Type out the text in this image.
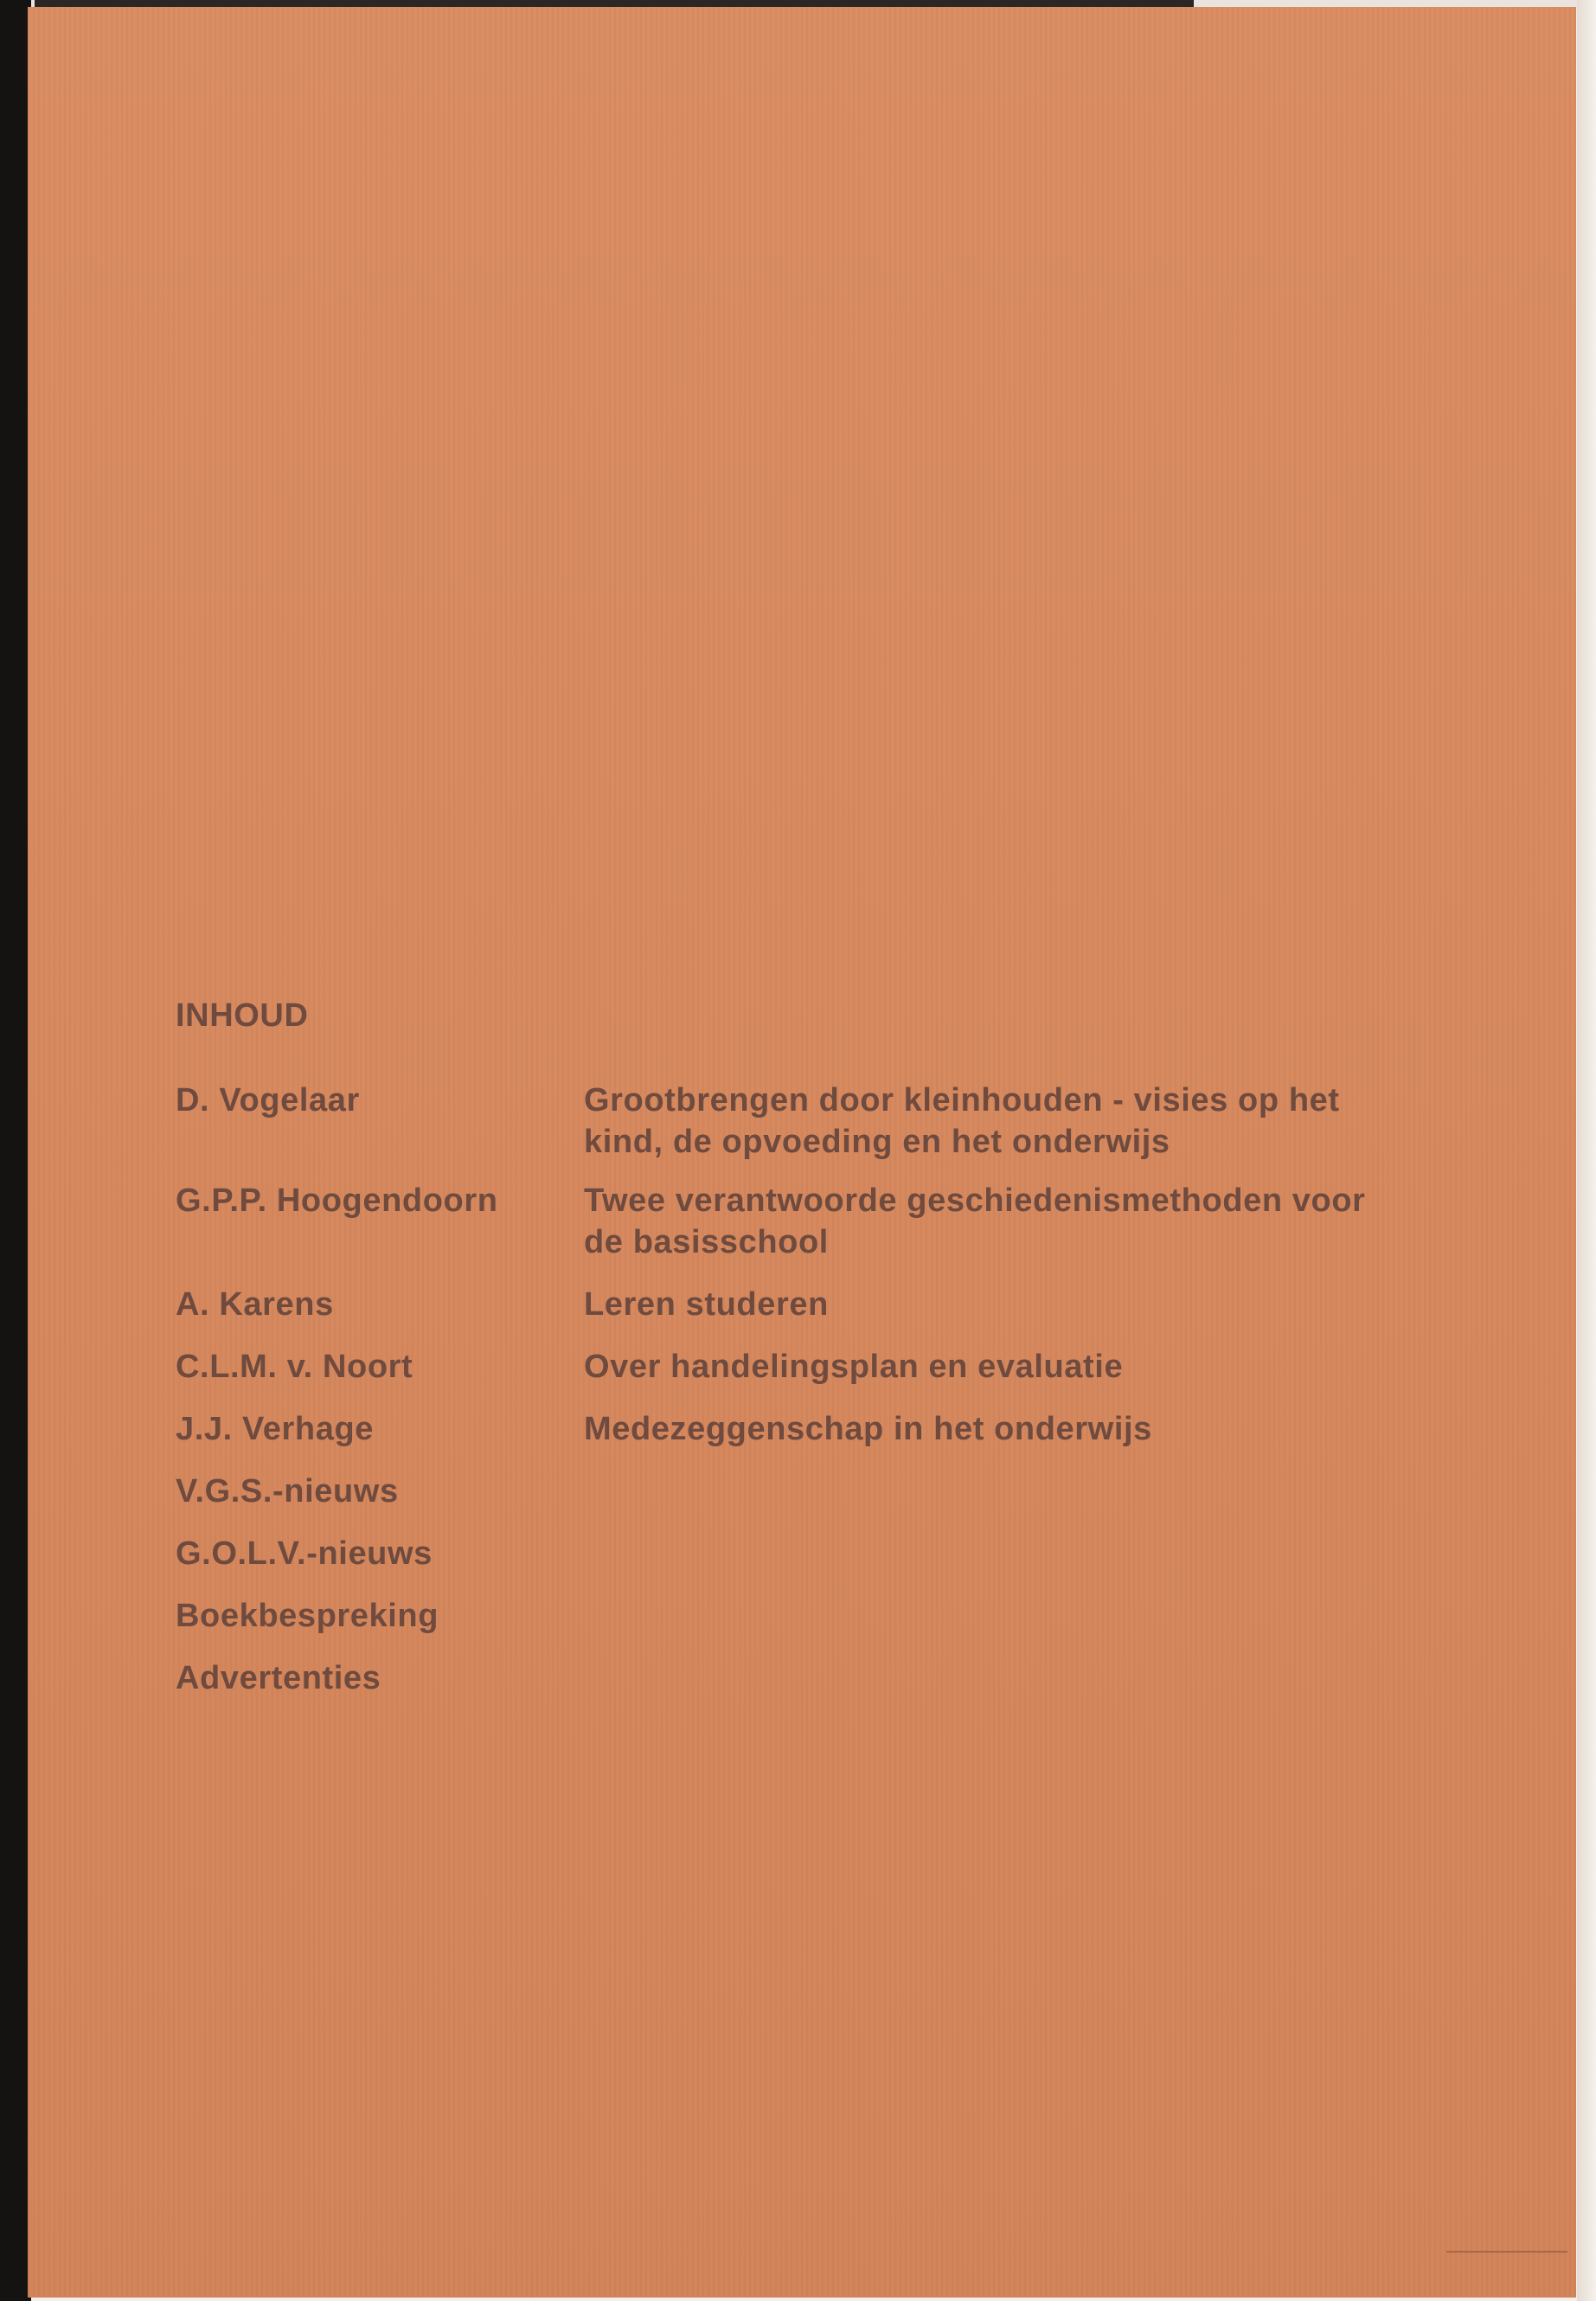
INHOUD
D. Vogelaar	Grootbrengen door kleinhouden - visies op het
kind, de opvoeding en het onderwijs
G.P.P. Hoogendoorn	Twee verantwoorde geschiedenismethoden voor
de basisschool
A. Karens	Leren studeren
C.L.M. v. Noort	Over handelingsplan en evaluatie
J.J. Verhage	Medezeggenschap in het onderwijs
V.G.S.-nieuws
G.O.L.V.-nieuws
Boekbespreking
Advertenties
